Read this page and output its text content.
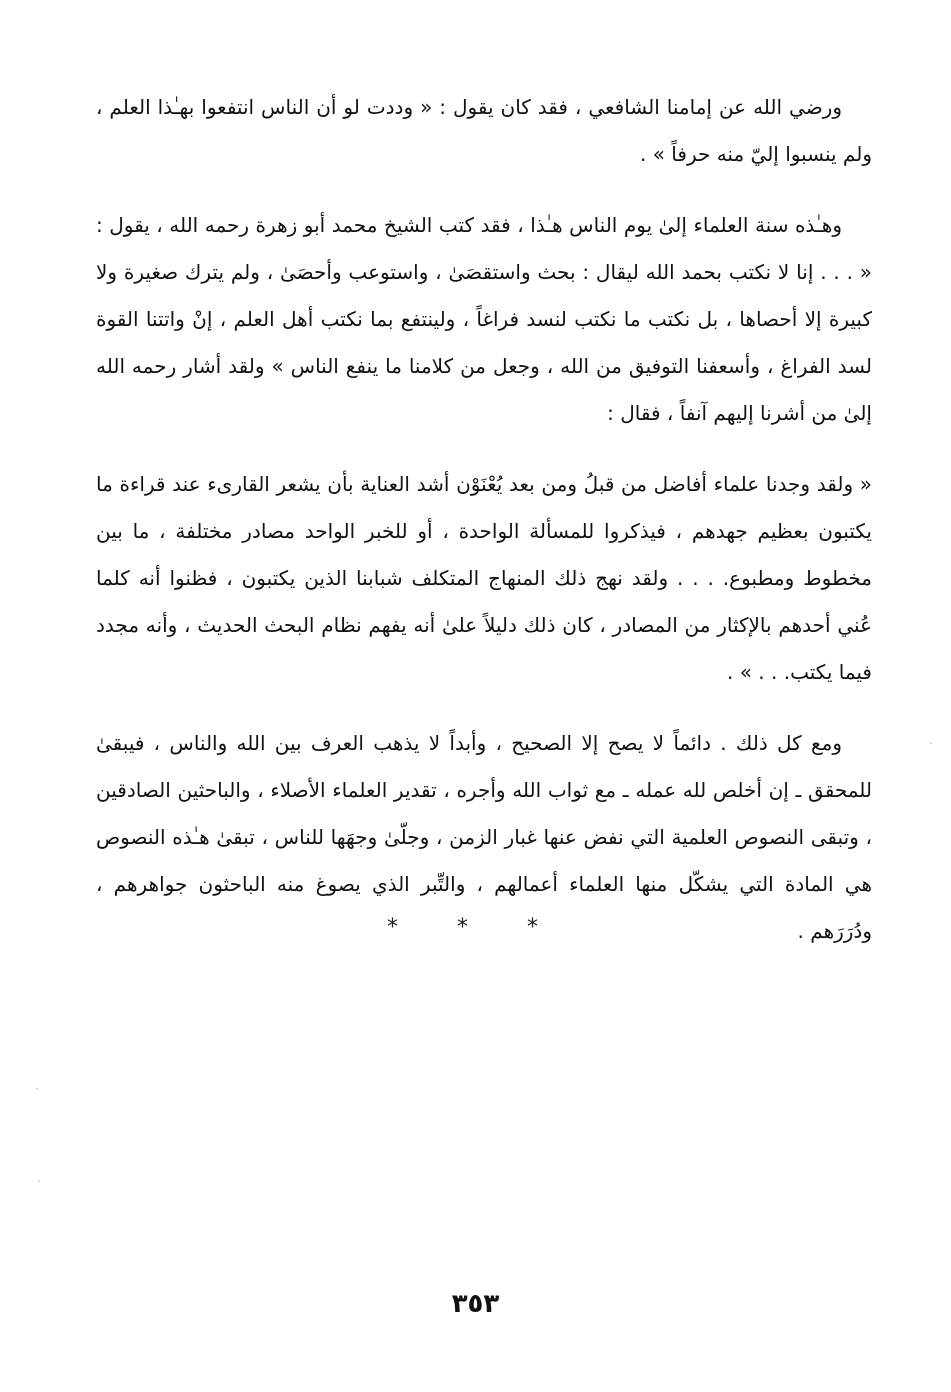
ورضي الله عن إمامنا الشافعي ، فقد كان يقول : « وددت لو أن الناس انتفعوا بهـٰذا العلم ، ولم ينسبوا إليّ منه حرفاً » .

وهـٰذه سنة العلماء إلىٰ يوم الناس هـٰذا ، فقد كتب الشيخ محمد أبو زهرة رحمه الله ، يقول : « . . . إنا لا نكتب بحمد الله ليقال : بحث واستقصَىٰ ، واستوعب وأحصَىٰ ، ولم يترك صغيرة ولا كبيرة إلا أحصاها ، بل نكتب ما نكتب لنسد فراغاً ، ولينتفع بما نكتب أهل العلم ، إنْ واتتنا القوة لسد الفراغ ، وأسعفنا التوفيق من الله ، وجعل من كلامنا ما ينفع الناس » ولقد أشار رحمه الله إلىٰ من أشرنا إليهم آنفاً ، فقال :

« ولقد وجدنا علماء أفاضل من قبلُ ومن بعد يُعْنَوْن أشد العناية بأن يشعر القارىء عند قراءة ما يكتبون بعظيم جهدهم ، فيذكروا للمسألة الواحدة ، أو للخبر الواحد مصادر مختلفة ، ما بين مخطوط ومطبوع. . . . ولقد نهج ذلك المنهاج المتكلف شبابنا الذين يكتبون ، فظنوا أنه كلما عُني أحدهم بالإكثار من المصادر ، كان ذلك دليلاً علىٰ أنه يفهم نظام البحث الحديث ، وأنه مجدد فيما يكتب. . . » .

ومع كل ذلك . دائماً لا يصح إلا الصحيح ، وأبداً لا يذهب العرف بين الله والناس ، فيبقىٰ للمحقق ـ إن أخلص لله عمله ـ مع ثواب الله وأجره ، تقدير العلماء الأصلاء ، والباحثين الصادقين ، وتبقى النصوص العلمية التي نفض عنها غبار الزمن ، وجلّىٰ وجهَها للناس ، تبقىٰ هـٰذه النصوص هي المادة التي يشكّل منها العلماء أعمالهم ، والتِّبر الذي يصوغ منه الباحثون جواهرهم ، ودُرَرَهم .

* * *
٣٥٣
